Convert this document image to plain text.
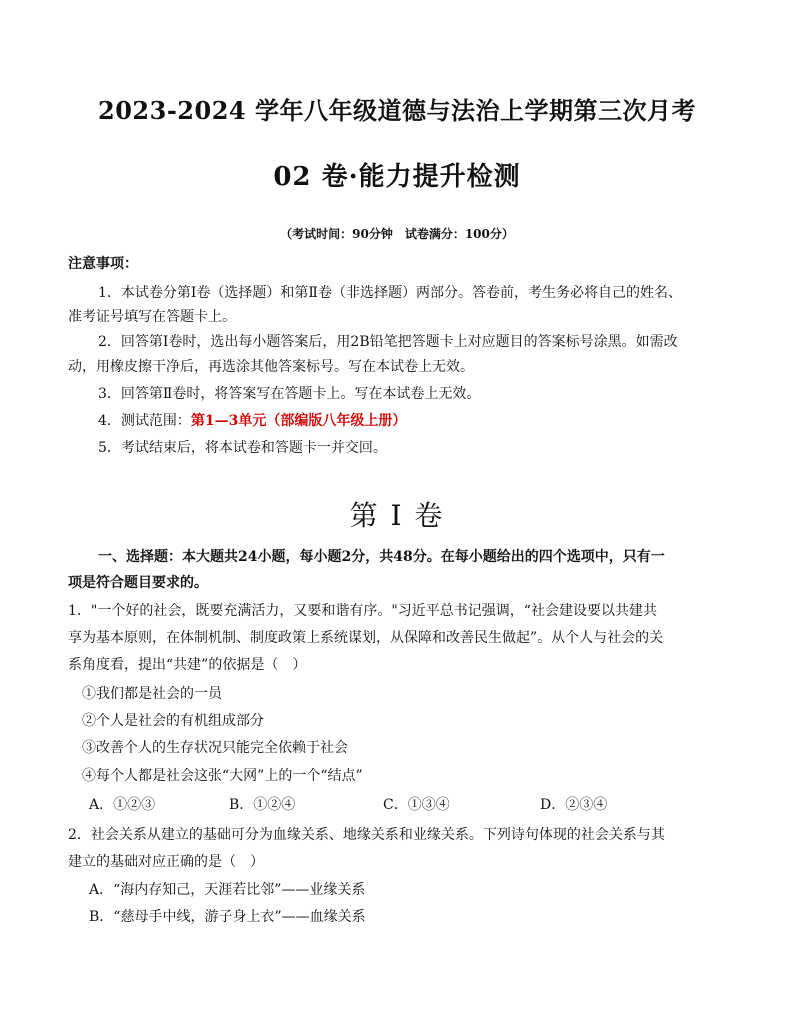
2023-2024 学年八年级道德与法治上学期第三次月考
02 卷·能力提升检测
（考试时间：90分钟　试卷满分：100分）
注意事项：
1．本试卷分第Ⅰ卷（选择题）和第Ⅱ卷（非选择题）两部分。答卷前，考生务必将自己的姓名、
准考证号填写在答题卡上。
2．回答第Ⅰ卷时，选出每小题答案后，用2B铅笔把答题卡上对应题目的答案标号涂黑。如需改
动，用橡皮擦干净后，再选涂其他答案标号。写在本试卷上无效。
3．回答第Ⅱ卷时，将答案写在答题卡上。写在本试卷上无效。
4．测试范围：第1—3单元（部编版八年级上册）
5．考试结束后，将本试卷和答题卡一并交回。
第 I 卷
一、选择题：本大题共24小题，每小题2分，共48分。在每小题给出的四个选项中，只有一
项是符合题目要求的。
1．"一个好的社会，既要充满活力，又要和谐有序。"习近平总书记强调，“社会建设要以共建共
享为基本原则，在体制机制、制度政策上系统谋划，从保障和改善民生做起”。从个人与社会的关
系角度看，提出“共建”的依据是（　）
①我们都是社会的一员
②个人是社会的有机组成部分
③改善个人的生存状况只能完全依赖于社会
④每个人都是社会这张“大网”上的一个“结点”
A．①②③	B．①②④	C．①③④	D．②③④
2．社会关系从建立的基础可分为血缘关系、地缘关系和业缘关系。下列诗句体现的社会关系与其
建立的基础对应正确的是（　）
A．“海内存知己，天涯若比邻”——业缘关系
B．“慈母手中线，游子身上衣”——血缘关系
